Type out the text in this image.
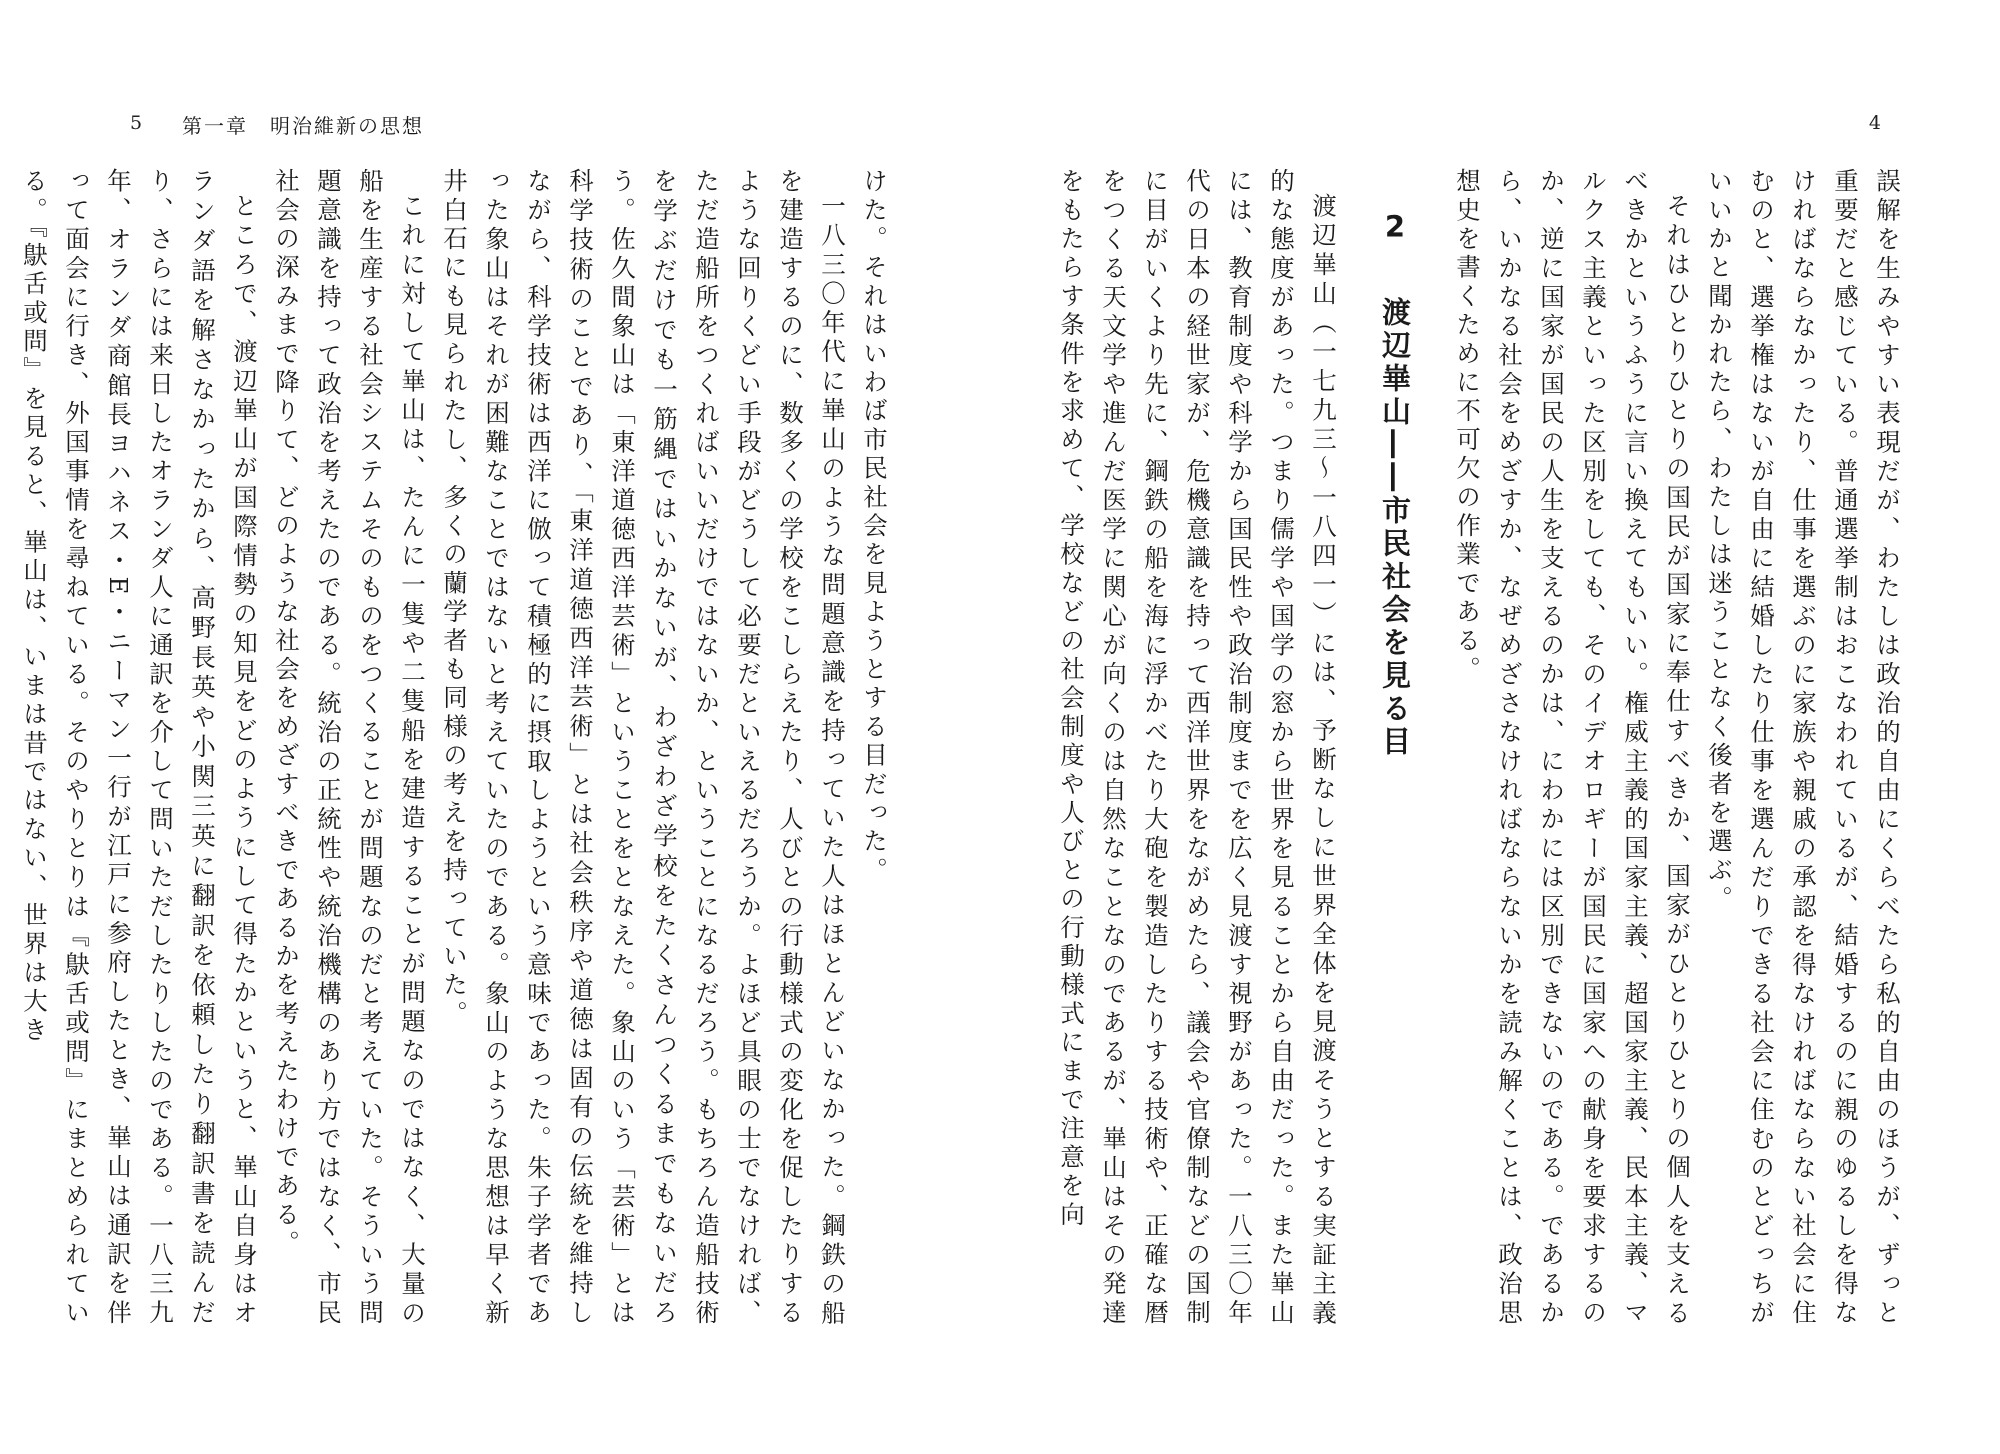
4

誤解を生みやすい表現だが、わたしは政治的自由にくらべたら私的自由のほうが、ずっと重要だと感じている。普通選挙制はおこなわれているが、結婚するのに親のゆるしを得なければならなかったり、仕事を選ぶのに家族や親戚の承認を得なければならない社会に住むのと、選挙権はないが自由に結婚したり仕事を選んだりできる社会に住むのとどっちがいいかと聞かれたら、わたしは迷うことなく後者を選ぶ。

それはひとりひとりの国民が国家に奉仕すべきか、国家がひとりひとりの個人を支えるべきかというふうに言い換えてもいい。権威主義的国家主義、超国家主義、民本主義、マルクス主義といった区別をしても、そのイデオロギーが国民に国家への献身を要求するのか、逆に国家が国民の人生を支えるのかは、にわかには区別できないのである。であるから、いかなる社会をめざすか、なぜめざさなければならないかを読み解くことは、政治思想史を書くために不可欠の作業である。

2　渡辺崋山――市民社会を見る目

渡辺崋山（一七九三～一八四一）には、予断なしに世界全体を見渡そうとする実証主義的な態度があった。つまり儒学や国学の窓から世界を見ることから自由だった。また崋山には、教育制度や科学から国民性や政治制度までを広く見渡す視野があった。一八三〇年代の日本の経世家が、危機意識を持って西洋世界をながめたら、議会や官僚制などの国制に目がいくより先に、鋼鉄の船を海に浮かべたり大砲を製造したりする技術や、正確な暦をつくる天文学や進んだ医学に関心が向くのは自然なことなのであるが、崋山はその発達をもたらす条件を求めて、学校などの社会制度や人びとの行動様式にまで注意を向

5 第一章　明治維新の思想

けた。それはいわば市民社会を見ようとする目だった。

一八三〇年代に崋山のような問題意識を持っていた人はほとんどいなかった。鋼鉄の船を建造するのに、数多くの学校をこしらえたり、人びとの行動様式の変化を促したりするような回りくどい手段がどうして必要だといえるだろうか。よほど具眼の士でなければ、ただ造船所をつくればいいだけではないか、ということになるだろう。もちろん造船技術を学ぶだけでも一筋縄ではいかないが、わざわざ学校をたくさんつくるまでもないだろう。佐久間象山は「東洋道徳西洋芸術」ということをとなえた。象山のいう「芸術」とは科学技術のことであり、「東洋道徳西洋芸術」とは社会秩序や道徳は固有の伝統を維持しながら、科学技術は西洋に倣って積極的に摂取しようという意味であった。朱子学者であった象山はそれが困難なことではないと考えていたのである。象山のような思想は早く新井白石にも見られたし、多くの蘭学者も同様の考えを持っていた。

これに対して崋山は、たんに一隻や二隻船を建造することが問題なのではなく、大量の船を生産する社会システムそのものをつくることが問題なのだと考えていた。そういう問題意識を持って政治を考えたのである。統治の正統性や統治機構のあり方ではなく、市民社会の深みまで降りて、どのような社会をめざすべきであるかを考えたわけである。

ところで、渡辺崋山が国際情勢の知見をどのようにして得たかというと、崋山自身はオランダ語を解さなかったから、高野長英や小関三英に翻訳を依頼したり翻訳書を読んだり、さらには来日したオランダ人に通訳を介して問いただしたりしたのである。一八三九年、オランダ商館長ヨハネス・E・ニーマン一行が江戸に参府したとき、崋山は通訳を伴って面会に行き、外国事情を尋ねている。そのやりとりは『鴃舌或問』にまとめられている。『鴃舌或問』を見ると、崋山は、いまは昔ではない、世界は大き
